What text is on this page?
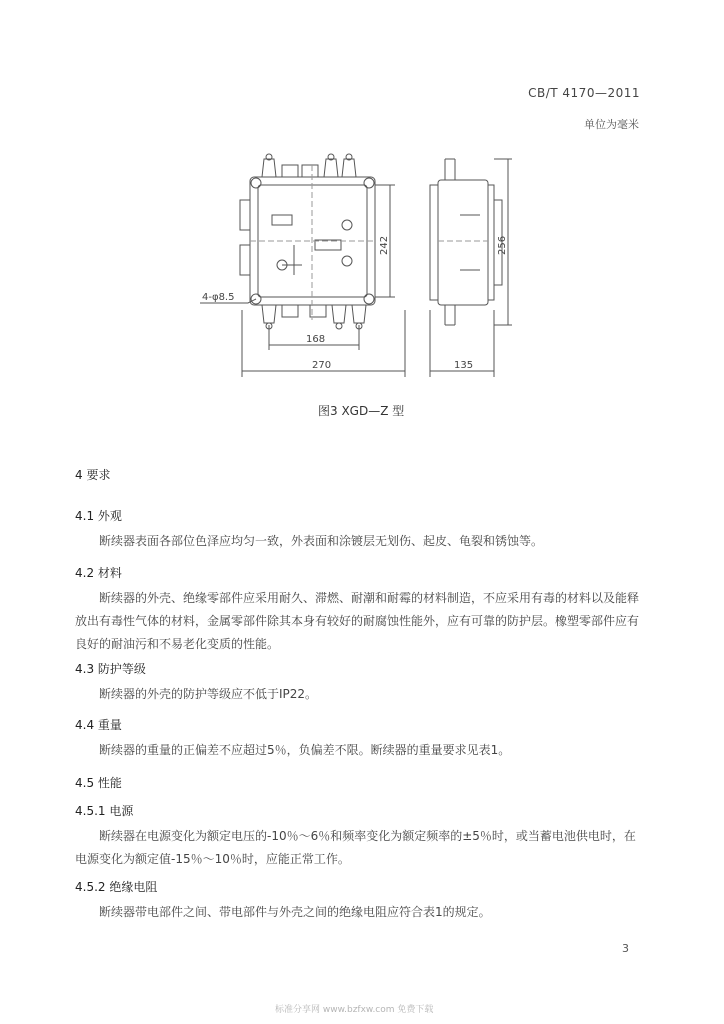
CB/T 4170—2011
单位为毫米
4-φ8.5
168
270	135
242	256
图3 XGD—Z 型
4 要求
4.1 外观
断续器表面各部位色泽应均匀一致，外表面和涂镀层无划伤、起皮、龟裂和锈蚀等。
4.2 材料
断续器的外壳、绝缘零部件应采用耐久、滞燃、耐潮和耐霉的材料制造，不应采用有毒的材料以及能释放出有毒性气体的材料，金属零部件除其本身有较好的耐腐蚀性能外，应有可靠的防护层。橡塑零部件应有良好的耐油污和不易老化变质的性能。
4.3 防护等级
断续器的外壳的防护等级应不低于IP22。
4.4 重量
断续器的重量的正偏差不应超过5％，负偏差不限。断续器的重量要求见表1。
4.5 性能
4.5.1 电源
断续器在电源变化为额定电压的-10％～6％和频率变化为额定频率的±5％时，或当蓄电池供电时，在电源变化为额定值-15％～10％时，应能正常工作。
4.5.2 绝缘电阻
断续器带电部件之间、带电部件与外壳之间的绝缘电阻应符合表1的规定。
3
标准分享网 www.bzfxw.com 免费下载
